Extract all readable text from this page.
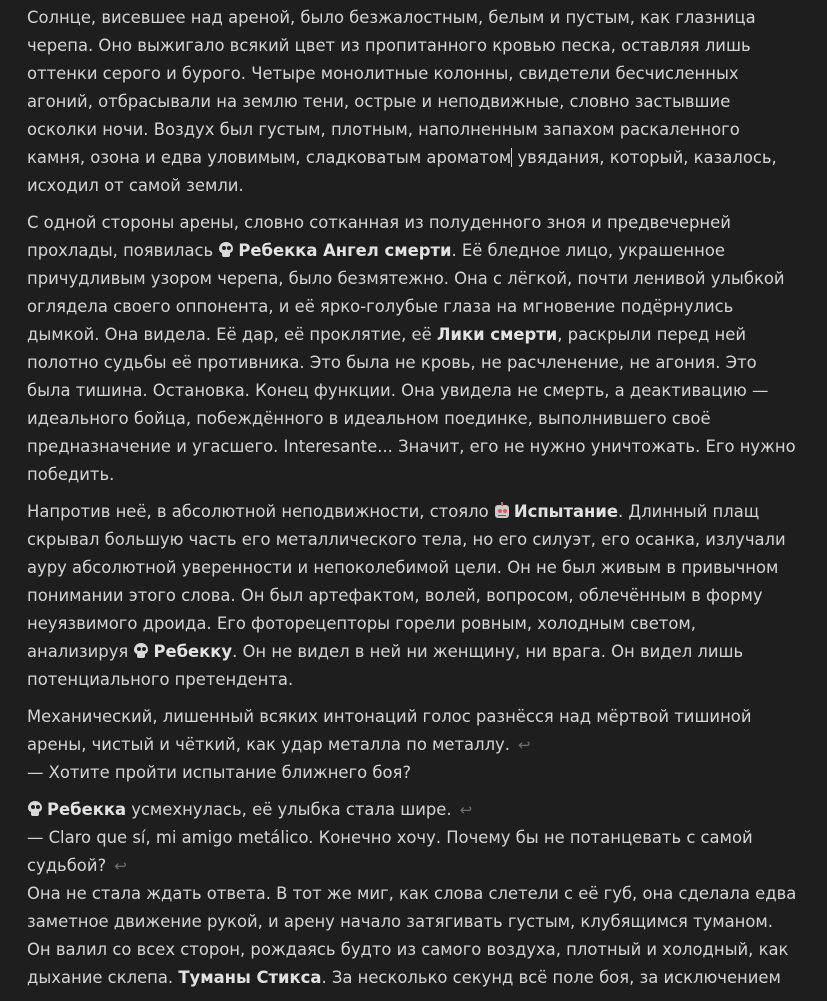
Солнце, висевшее над ареной, было безжалостным, белым и пустым, как глазница
черепа. Оно выжигало всякий цвет из пропитанного кровью песка, оставляя лишь
оттенки серого и бурого. Четыре монолитные колонны, свидетели бесчисленных
агоний, отбрасывали на землю тени, острые и неподвижные, словно застывшие
осколки ночи. Воздух был густым, плотным, наполненным запахом раскаленного
камня, озона и едва уловимым, сладковатым ароматом увядания, который, казалось,
исходил от самой земли.
С одной стороны арены, словно сотканная из полуденного зноя и предвечерней
прохлады, появилась Ребекка Ангел смерти. Её бледное лицо, украшенное
причудливым узором черепа, было безмятежно. Она с лёгкой, почти ленивой улыбкой
оглядела своего оппонента, и её ярко-голубые глаза на мгновение подёрнулись
дымкой. Она видела. Её дар, её проклятие, её Лики смерти, раскрыли перед ней
полотно судьбы её противника. Это была не кровь, не расчленение, не агония. Это
была тишина. Остановка. Конец функции. Она увидела не смерть, а деактивацию —
идеального бойца, побеждённого в идеальном поединке, выполнившего своё
предназначение и угасшего. Interesante... Значит, его не нужно уничтожать. Его нужно
победить.
Напротив неё, в абсолютной неподвижности, стояло Испытание. Длинный плащ
скрывал большую часть его металлического тела, но его силуэт, его осанка, излучали
ауру абсолютной уверенности и непоколебимой цели. Он не был живым в привычном
понимании этого слова. Он был артефактом, волей, вопросом, облечённым в форму
неуязвимого дроида. Его фоторецепторы горели ровным, холодным светом,
анализируя Ребекку. Он не видел в ней ни женщину, ни врага. Он видел лишь
потенциального претендента.
Механический, лишенный всяких интонаций голос разнёсся над мёртвой тишиной
арены, чистый и чёткий, как удар металла по металлу. ↩
— Хотите пройти испытание ближнего боя?
Ребекка усмехнулась, её улыбка стала шире. ↩
— Claro que sí, mi amigo metálico. Конечно хочу. Почему бы не потанцевать с самой
судьбой? ↩
Она не стала ждать ответа. В тот же миг, как слова слетели с её губ, она сделала едва
заметное движение рукой, и арену начало затягивать густым, клубящимся туманом.
Он валил со всех сторон, рождаясь будто из самого воздуха, плотный и холодный, как
дыхание склепа. Туманы Стикса. За несколько секунд всё поле боя, за исключением
